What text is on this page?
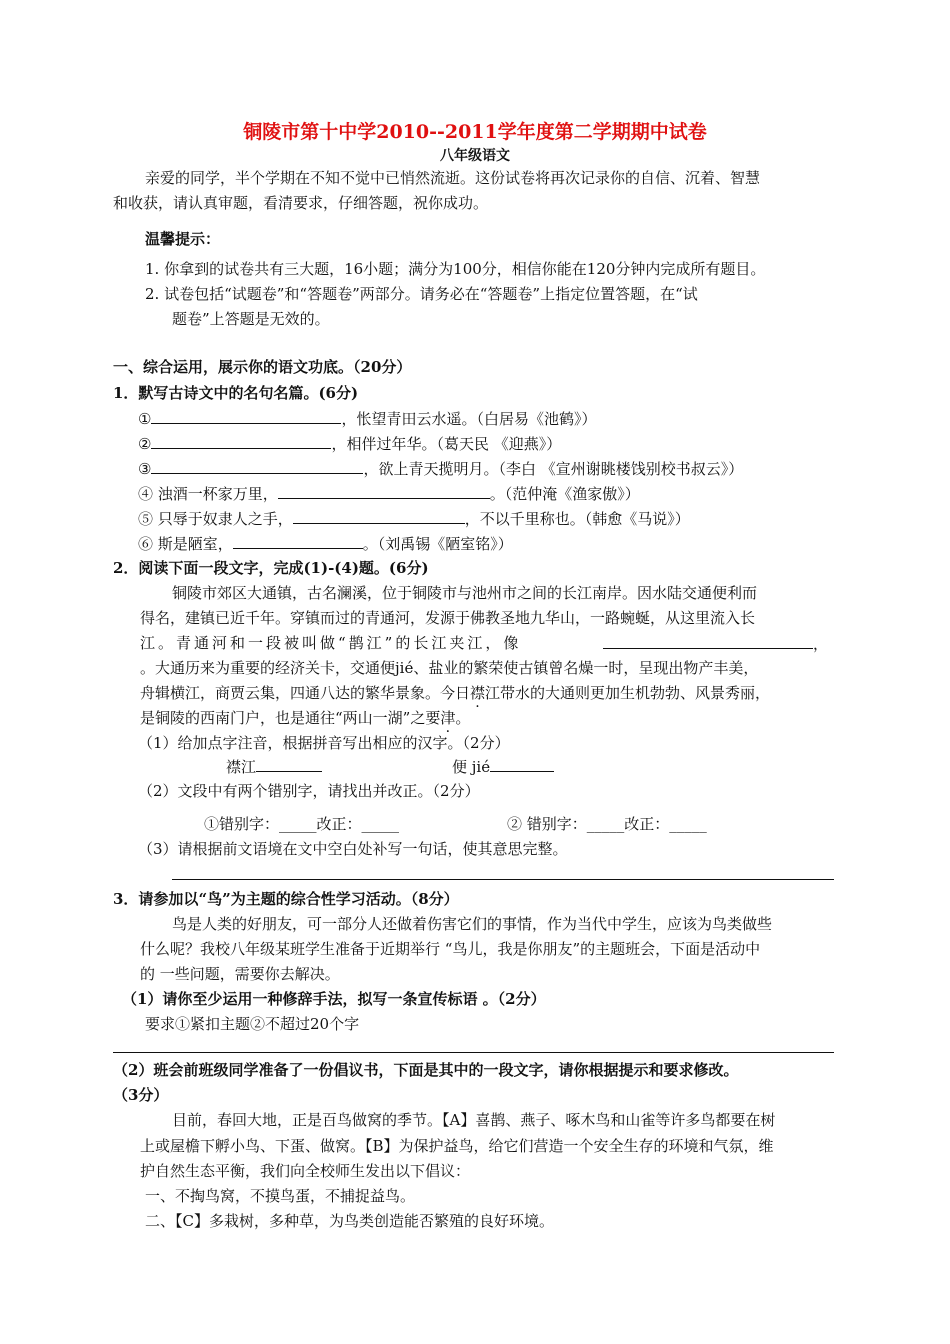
铜陵市第十中学2010--2011学年度第二学期期中试卷
八年级语文
亲爱的同学，半个学期在不知不觉中已悄然流逝。这份试卷将再次记录你的自信、沉着、智慧
和收获，请认真审题，看清要求，仔细答题，祝你成功。
温馨提示：
1. 你拿到的试卷共有三大题，16小题；满分为100分，相信你能在120分钟内完成所有题目。
2. 试卷包括“试题卷”和“答题卷”两部分。请务必在“答题卷”上指定位置答题，在“试
题卷”上答题是无效的。
一、综合运用，展示你的语文功底。（20分）
1．默写古诗文中的名句名篇。(6分)
①	，怅望青田云水遥。（白居易《池鹤》）
②	，相伴过年华。（葛天民 《迎燕》）
③	，欲上青天揽明月。（李白 《宣州谢眺楼饯别校书叔云》）
④ 浊酒一杯家万里，	。（范仲淹《渔家傲》）
⑤ 只辱于奴隶人之手，	，不以千里称也。（韩愈《马说》）
⑥ 斯是陋室，	。（刘禹锡《陋室铭》）
2．阅读下面一段文字，完成(1)-(4)题。(6分)
铜陵市郊区大通镇，古名澜溪，位于铜陵市与池州市之间的长江南岸。因水陆交通便利而
得名，建镇已近千年。穿镇而过的青通河，发源于佛教圣地九华山，一路蜿蜒，从这里流入长
江。青通河和一段被叫做“鹊江”的长江夹江，像	，
。大通历来为重要的经济关卡，交通便jié、盐业的繁荣使古镇曾名燥一时，呈现出物产丰美，
舟辑横江，商贾云集，四通八达的繁华景象。今日襟江带水的大通则更加生机勃勃、风景秀丽，
是铜陵的西南门户，也是通往“两山一湖”之要津。
（1）给加点字注音，根据拼音写出相应的汉字。（2分）
襟江	便 jié
（2）文段中有两个错别字，请找出并改正。（2分）
①错别字：_____改正：_____	② 错别字：_____改正：_____
（3）请根据前文语境在文中空白处补写一句话，使其意思完整。
3．请参加以“鸟”为主题的综合性学习活动。（8分）
鸟是人类的好朋友，可一部分人还做着伤害它们的事情，作为当代中学生，应该为鸟类做些
什么呢？我校八年级某班学生准备于近期举行 “鸟儿，我是你朋友”的主题班会，下面是活动中
的 一些问题，需要你去解决。
（1）请你至少运用一种修辞手法，拟写一条宣传标语 。（2分）
要求①紧扣主题②不超过20个字
（2）班会前班级同学准备了一份倡议书，下面是其中的一段文字，请你根据提示和要求修改。
（3分）
目前，春回大地，正是百鸟做窝的季节。【A】喜鹊、燕子、啄木鸟和山雀等许多鸟都要在树
上或屋檐下孵小鸟、下蛋、做窝。【B】为保护益鸟，给它们营造一个安全生存的环境和气氛，维
护自然生态平衡，我们向全校师生发出以下倡议：
一、不掏鸟窝，不摸鸟蛋，不捕捉益鸟。
二、【C】多栽树，多种草，为鸟类创造能否繁殖的良好环境。
